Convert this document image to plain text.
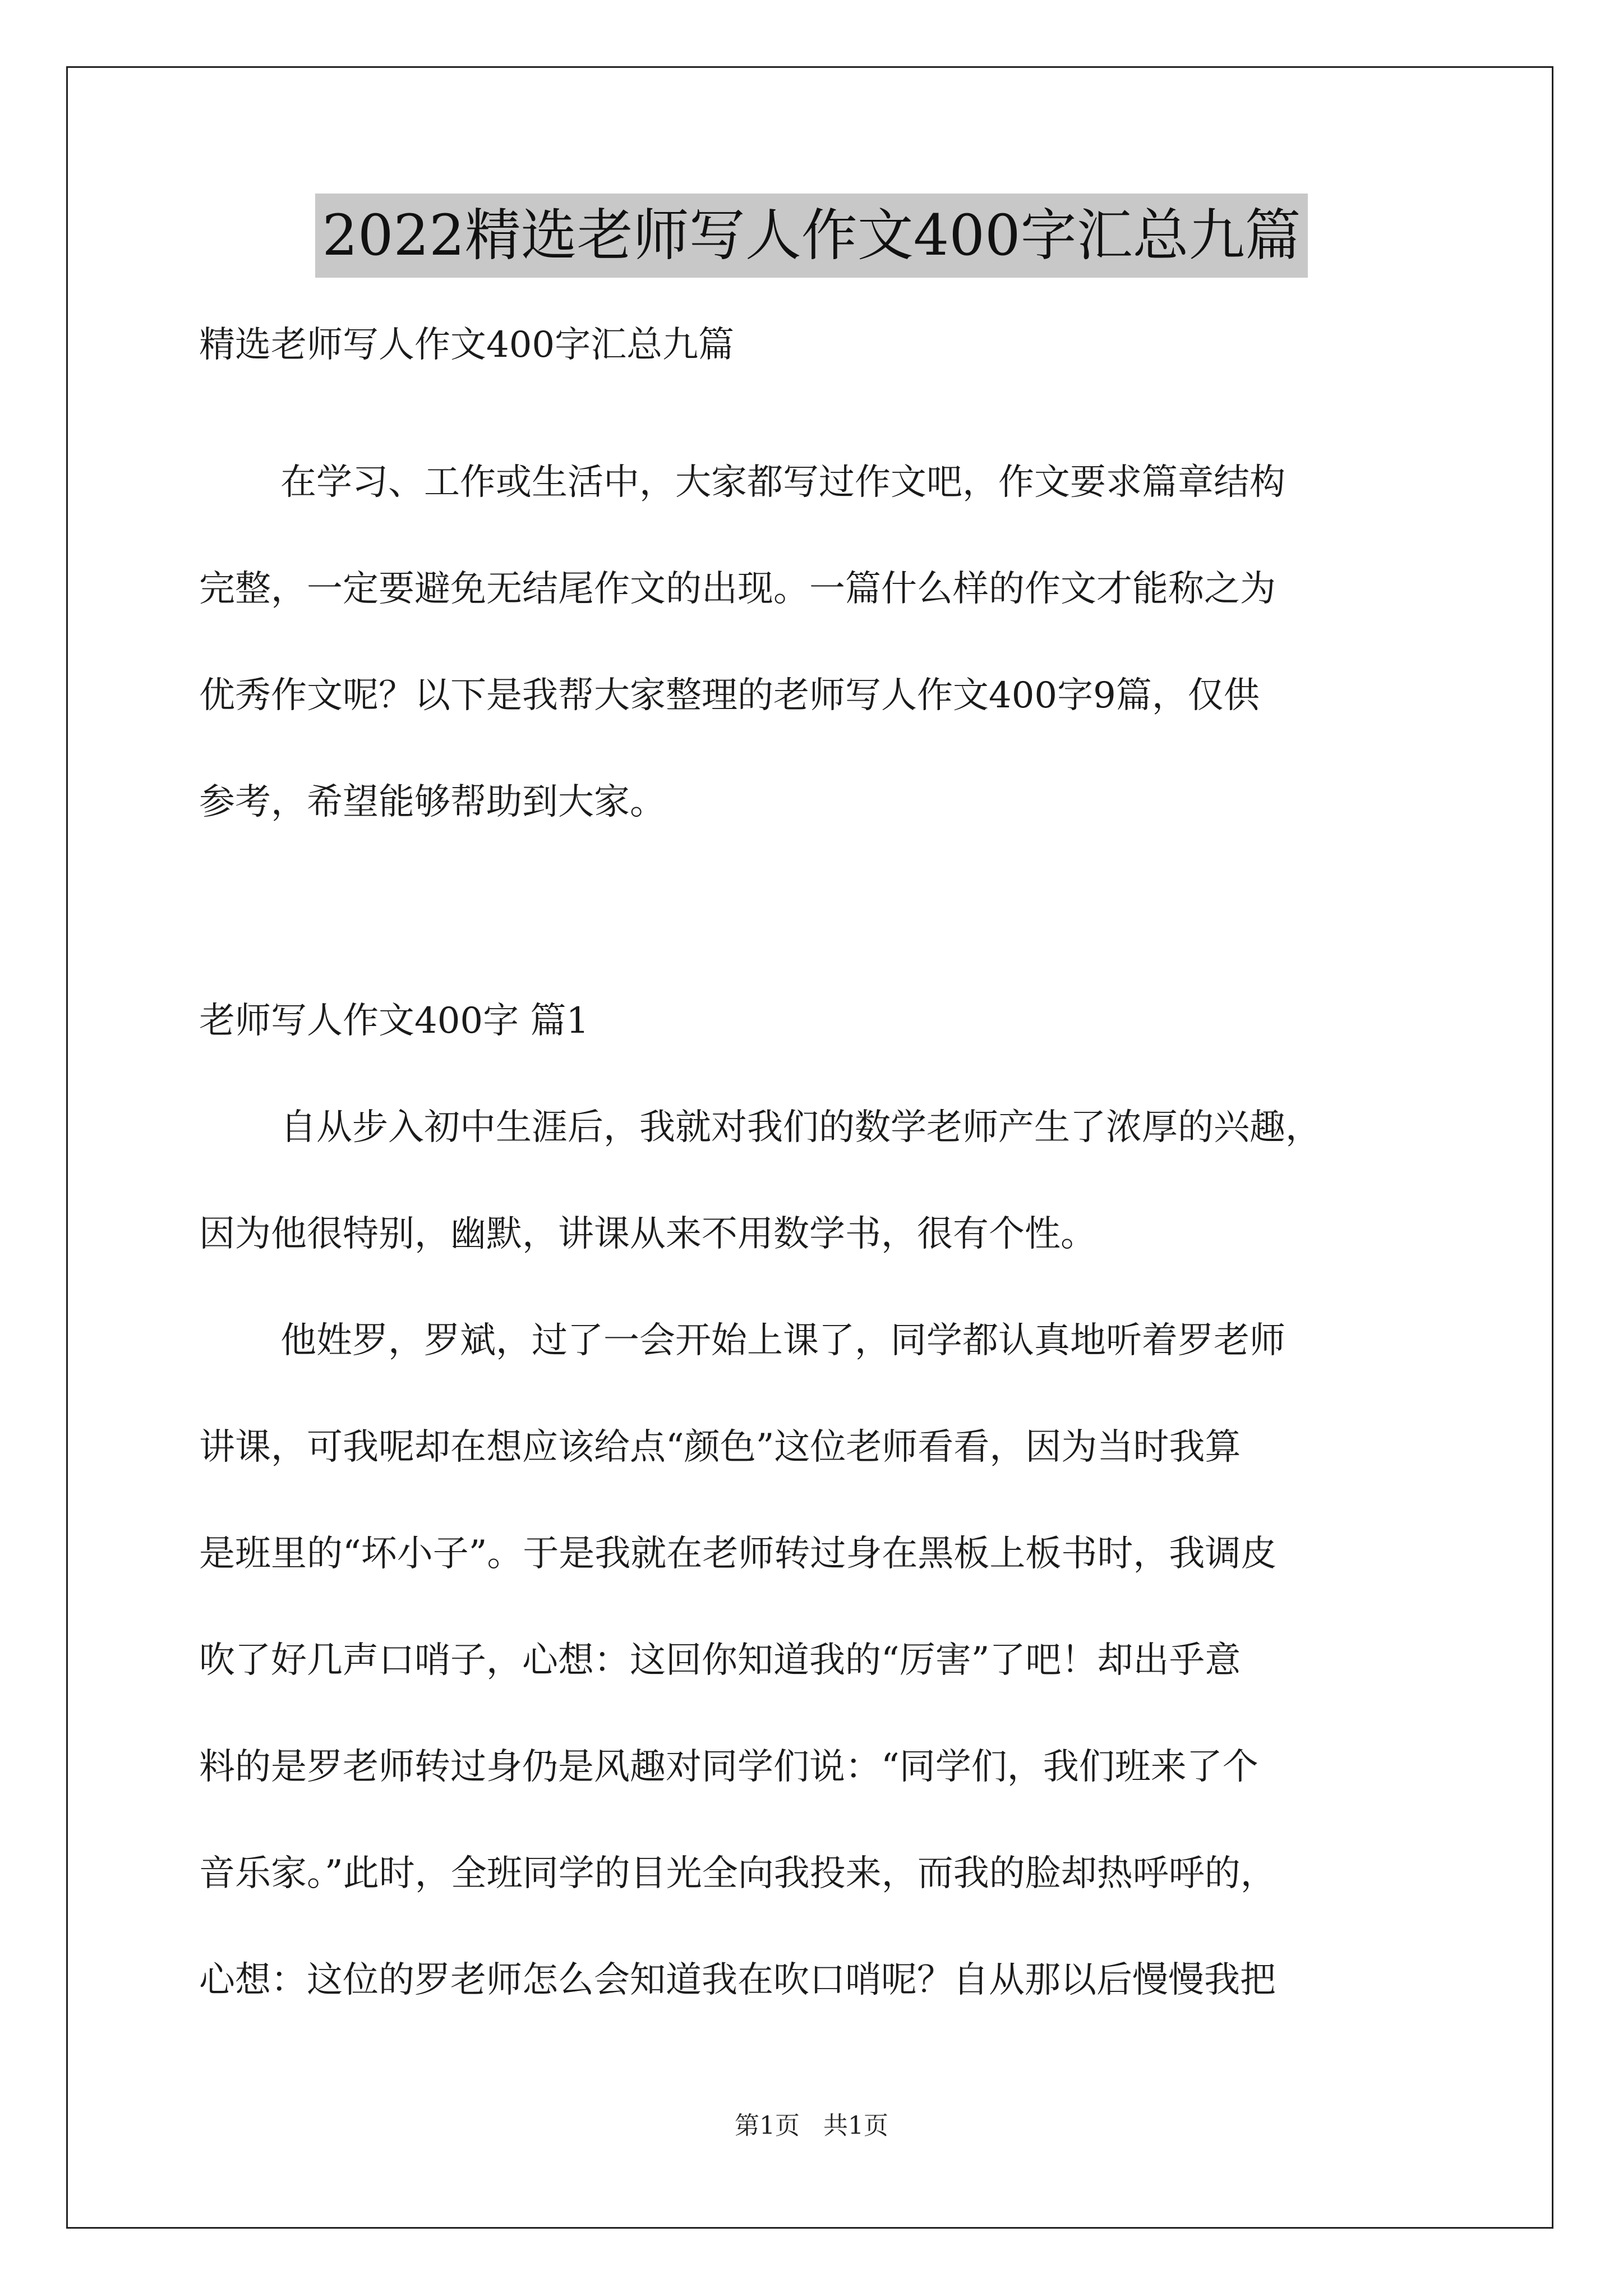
2022精选老师写人作文400字汇总九篇
精选老师写人作文400字汇总九篇
在学习、工作或生活中，大家都写过作文吧，作文要求篇章结构
完整，一定要避免无结尾作文的出现。一篇什么样的作文才能称之为
优秀作文呢？以下是我帮大家整理的老师写人作文400字9篇，仅供
参考，希望能够帮助到大家。
老师写人作文400字 篇1
自从步入初中生涯后，我就对我们的数学老师产生了浓厚的兴趣，
因为他很特别，幽默，讲课从来不用数学书，很有个性。
他姓罗，罗斌，过了一会开始上课了，同学都认真地听着罗老师
讲课，可我呢却在想应该给点“颜色”这位老师看看，因为当时我算
是班里的“坏小子”。于是我就在老师转过身在黑板上板书时，我调皮
吹了好几声口哨子，心想：这回你知道我的“厉害”了吧！却出乎意
料的是罗老师转过身仍是风趣对同学们说：“同学们，我们班来了个
音乐家。”此时，全班同学的目光全向我投来，而我的脸却热呼呼的，
心想：这位的罗老师怎么会知道我在吹口哨呢？自从那以后慢慢我把
第1页 共1页
